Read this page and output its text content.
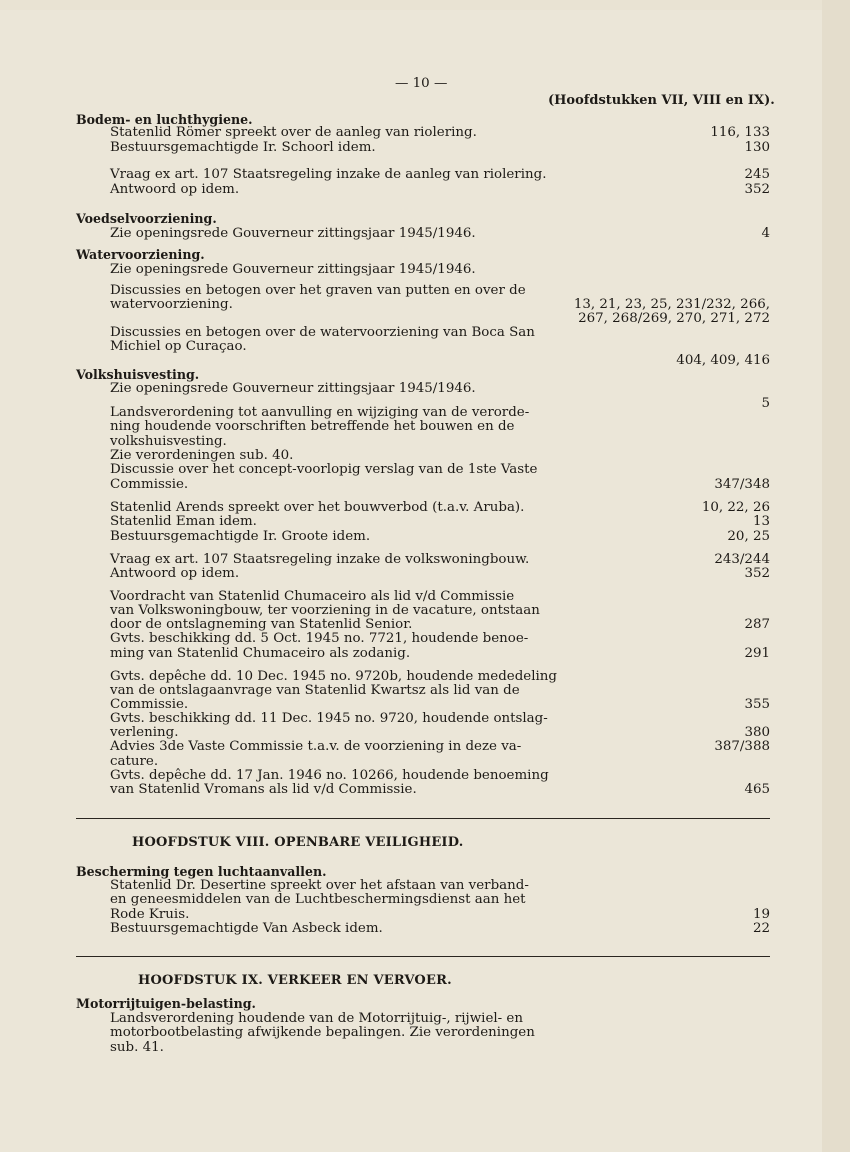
— 10 —
(Hoofdstukken VII, VIII en IX).
Bodem- en luchthygiene.
Statenlid Römer spreekt over de aanleg van riolering.
Bestuursgemachtigde Ir. Schoorl idem.
Vraag ex art. 107 Staatsregeling inzake de aanleg van riolering.
Antwoord op idem.
116, 133
130
245
352
Voedselvoorziening.
Zie openingsrede Gouverneur zittingsjaar 1945/1946.	4
Watervoorziening.
Zie openingsrede Gouverneur zittingsjaar 1945/1946.
Discussies en betogen over het graven van putten en over de
watervoorziening.
Discussies en betogen over de watervoorziening van Boca San
Michiel op Curaçao.
13, 21, 23, 25, 231/232, 266,
267, 268/269, 270, 271, 272
404, 409, 416
Volkshuisvesting.
Zie openingsrede Gouverneur zittingsjaar 1945/1946.
Landsverordening tot aanvulling en wijziging van de verorde-
ning houdende voorschriften betreffende het bouwen en de
volkshuisvesting.
Zie verordeningen sub. 40.
Discussie over het concept-voorlopig verslag van de 1ste Vaste
Commissie.
Statenlid Arends spreekt over het bouwverbod (t.a.v. Aruba).
Statenlid Eman idem.
Bestuursgemachtigde Ir. Groote idem.
Vraag ex art. 107 Staatsregeling inzake de volkswoningbouw.
Antwoord op idem.
Voordracht van Statenlid Chumaceiro als lid v/d Commissie
van Volkswoningbouw, ter voorziening in de vacature, ontstaan
door de ontslagneming van Statenlid Senior.
Gvts. beschikking dd. 5 Oct. 1945 no. 7721, houdende benoe-
ming van Statenlid Chumaceiro als zodanig.
Gvts. depêche dd. 10 Dec. 1945 no. 9720b, houdende mededeling
van de ontslagaanvrage van Statenlid Kwartsz als lid van de
Commissie.
Gvts. beschikking dd. 11 Dec. 1945 no. 9720, houdende ontslag-
verlening.
Advies 3de Vaste Commissie t.a.v. de voorziening in deze va-
cature.
Gvts. depêche dd. 17 Jan. 1946 no. 10266, houdende benoeming
van Statenlid Vromans als lid v/d Commissie.
5
347/348
10, 22, 26
13
20, 25
243/244
352
287
291
355
380
387/388
465
HOOFDSTUK VIII. OPENBARE VEILIGHEID.
Bescherming tegen luchtaanvallen.
Statenlid Dr. Desertine spreekt over het afstaan van verband-
en geneesmiddelen van de Luchtbeschermingsdienst aan het
Rode Kruis.
Bestuursgemachtigde Van Asbeck idem.
19
22
HOOFDSTUK IX. VERKEER EN VERVOER.
Motorrijtuigen-belasting.
Landsverordening houdende van de Motorrijtuig-, rijwiel- en
motorbootbelasting afwijkende bepalingen. Zie verordeningen
sub. 41.
